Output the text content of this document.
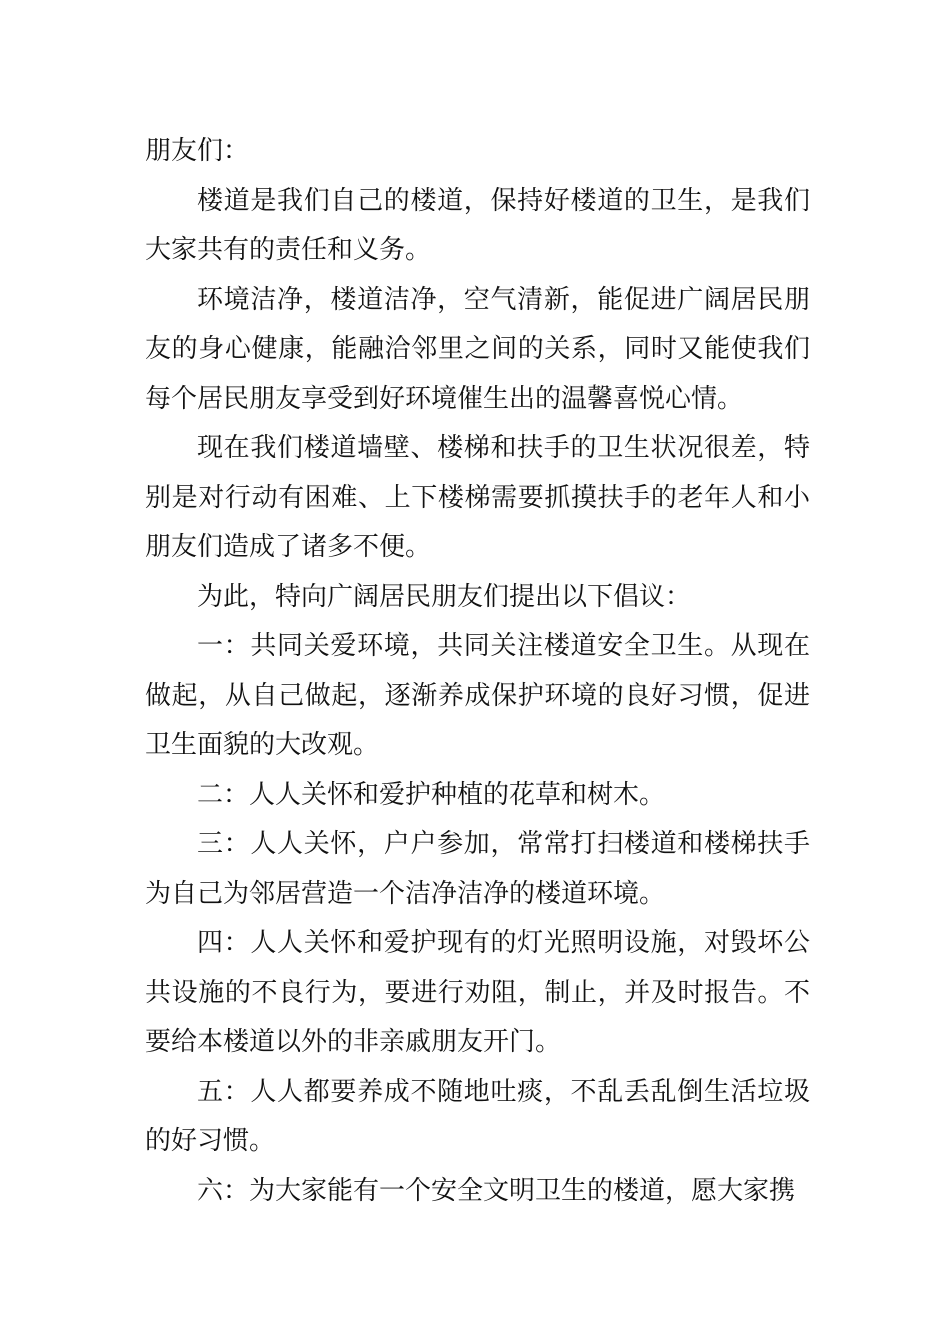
朋友们：

楼道是我们自己的楼道，保持好楼道的卫生，是我们大家共有的责任和义务。

环境洁净，楼道洁净，空气清新，能促进广阔居民朋友的身心健康，能融洽邻里之间的关系，同时又能使我们每个居民朋友享受到好环境催生出的温馨喜悦心情。

现在我们楼道墙壁、楼梯和扶手的卫生状况很差，特别是对行动有困难、上下楼梯需要抓摸扶手的老年人和小朋友们造成了诸多不便。

为此，特向广阔居民朋友们提出以下倡议：

一：共同关爱环境，共同关注楼道安全卫生。从现在做起，从自己做起，逐渐养成保护环境的良好习惯，促进卫生面貌的大改观。

二：人人关怀和爱护种植的花草和树木。

三：人人关怀，户户参加，常常打扫楼道和楼梯扶手为自己为邻居营造一个洁净洁净的楼道环境。

四：人人关怀和爱护现有的灯光照明设施，对毁坏公共设施的不良行为，要进行劝阻，制止，并及时报告。不要给本楼道以外的非亲戚朋友开门。

五：人人都要养成不随地吐痰，不乱丢乱倒生活垃圾的好习惯。

六：为大家能有一个安全文明卫生的楼道，愿大家携
